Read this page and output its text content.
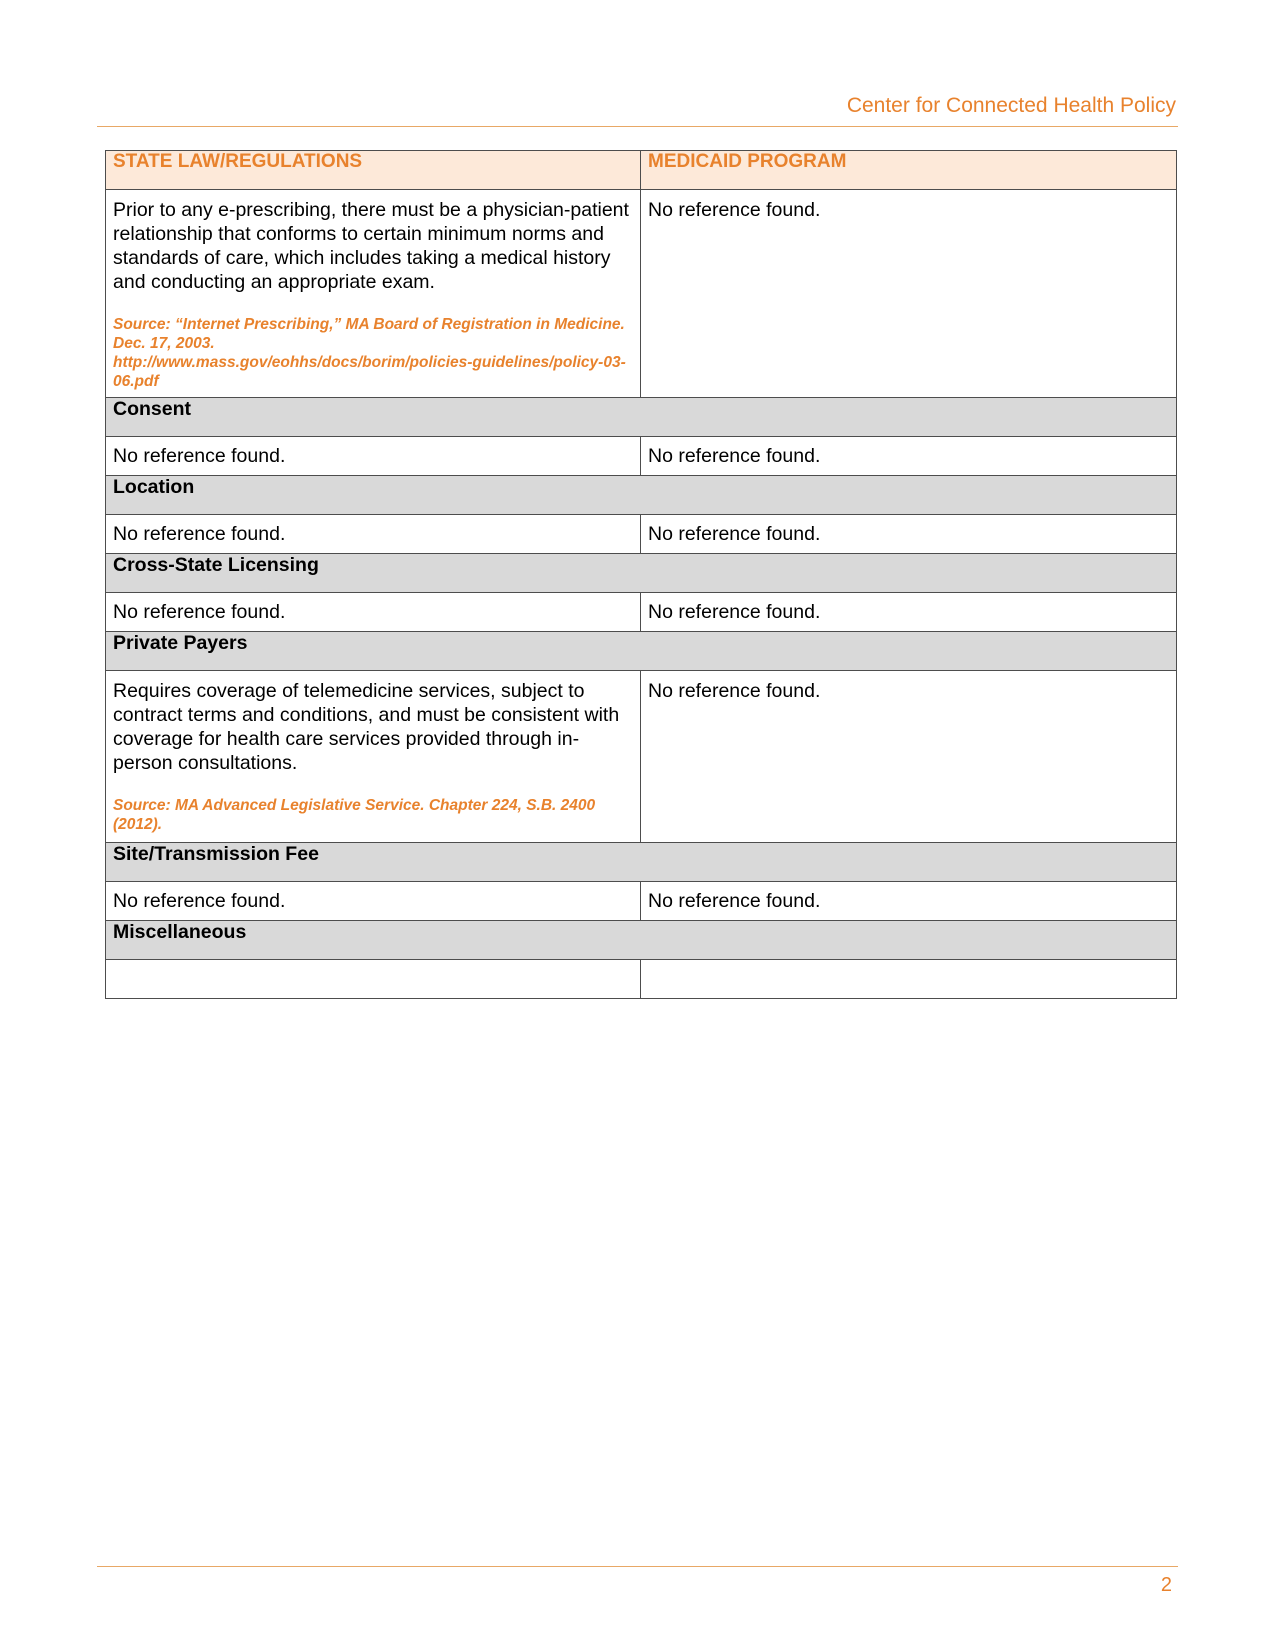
Center for Connected Health Policy
STATE LAW/REGULATIONS	MEDICAID PROGRAM
Prior to any e-prescribing, there must be a physician-patient relationship that conforms to certain minimum norms and standards of care, which includes taking a medical history and conducting an appropriate exam.
Source: “Internet Prescribing,” MA Board of Registration in Medicine. Dec. 17, 2003.
http://www.mass.gov/eohhs/docs/borim/policies-guidelines/policy-03-06.pdf	No reference found.
Consent	
No reference found.	No reference found.
Location	
No reference found.	No reference found.
Cross-State Licensing	
No reference found.	No reference found.
Private Payers	
Requires coverage of telemedicine services, subject to contract terms and conditions, and must be consistent with coverage for health care services provided through in-person consultations.
Source: MA Advanced Legislative Service. Chapter 224, S.B. 2400 (2012).	No reference found.
Site/Transmission Fee	
No reference found.	No reference found.
Miscellaneous	

2
